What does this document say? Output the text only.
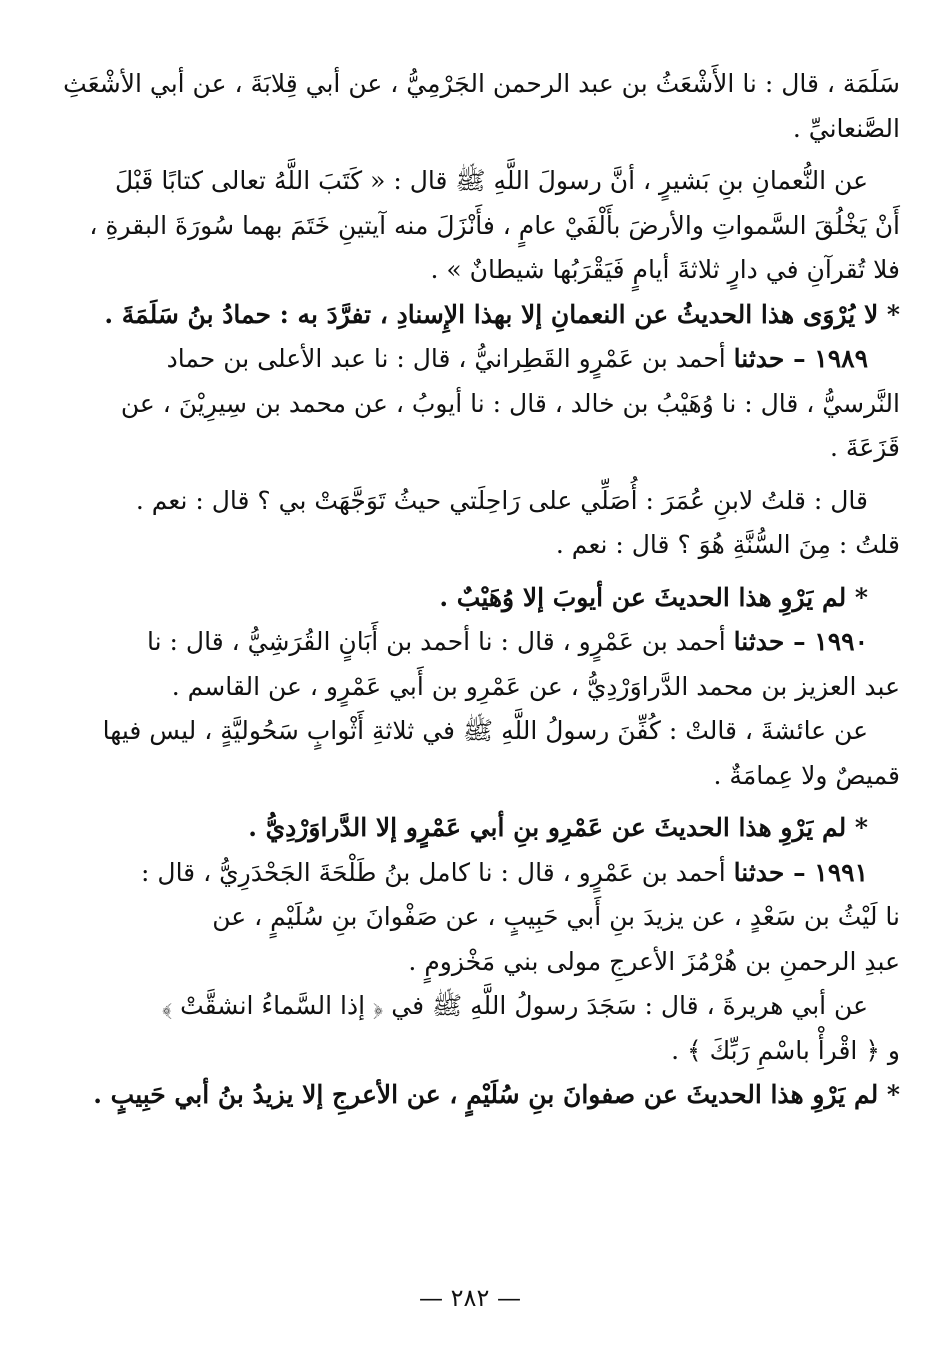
سَلَمَة ، قال : نا الأَشْعَثُ بن عبد الرحمن الجَرْمِيُّ ، عن أبي قِلابَةَ ، عن أبي الأشْعَثِ
الصَّنعانيِّ .
عن النُّعمانِ بنِ بَشيرٍ ، أنَّ رسولَ اللَّهِ ﷺ قال : « كَتَبَ اللَّهُ تعالى كتابًا قَبْلَ
أَنْ يَخْلُقَ السَّمواتِ والأرضَ بأَلْفَيْ عامٍ ، فأَنْزَلَ منه آيتينِ خَتَمَ بهما سُورَةَ البقرةِ ،
فلا تُقرآنِ في دارٍ ثلاثةَ أيامٍ فَيَقْرَبُها شيطانٌ » .
* لا يُرْوَى هذا الحديثُ عن النعمانِ إلا بهذا الإِسنادِ ، تفرَّدَ به : حمادُ بنُ سَلَمَةَ .
١٩٨٩ – حدثنا أحمد بن عَمْرٍو القَطِرانيُّ ، قال : نا عبد الأعلى بن حماد
النَّرسيُّ ، قال : نا وُهَيْبُ بن خالد ، قال : نا أيوبُ ، عن محمد بن سِيرِيْنَ ، عن
قَزَعَةَ .
قال : قلتُ لابنِ عُمَرَ : أُصَلِّي على رَاحِلَتي حيثُ تَوَجَّهَتْ بي ؟ قال : نعم .
قلتُ : مِنَ السُّنَّةِ هُوَ ؟ قال : نعم .
* لم يَرْوِ هذا الحديثَ عن أيوبَ إلا وُهَيْبٌ .
١٩٩٠ – حدثنا أحمد بن عَمْرٍو ، قال : نا أحمد بن أَبَانٍ القُرَشِيُّ ، قال : نا
عبد العزيز بن محمد الدَّراوَرْدِيُّ ، عن عَمْرِو بن أَبي عَمْرٍو ، عن القاسم .
عن عائشةَ ، قالتْ : كُفِّنَ رسولُ اللَّهِ ﷺ في ثلاثةِ أَثْوابٍ سَحُوليَّةٍ ، ليس فيها
قميصٌ ولا عِمامَةٌ .
* لم يَرْوِ هذا الحديثَ عن عَمْرِو بنِ أبي عَمْرٍو إلا الدَّراوَرْدِيُّ .
١٩٩١ – حدثنا أحمد بن عَمْرٍو ، قال : نا كامل بنُ طَلْحَةَ الجَحْدَرِيُّ ، قال :
نا لَيْثُ بن سَعْدٍ ، عن يزيدَ بنِ أَبي حَبِيبٍ ، عن صَفْوانَ بنِ سُلَيْمٍ ، عن
عبدِ الرحمنِ بن هُرْمُزَ الأعرجِ مولى بني مَخْزومٍ .
عن أبي هريرةَ ، قال : سَجَدَ رسولُ اللَّهِ ﷺ في ﴿ إذا السَّماءُ انشقَّتْ ﴾
و ﴿ اقْرأْ باسْمِ رَبِّكَ ﴾ .
* لم يَرْوِ هذا الحديثَ عن صفوانَ بنِ سُلَيْمٍ ، عن الأعرجِ إلا يزيدُ بنُ أبي حَبِيبٍ .
— ٢٨٢ —
